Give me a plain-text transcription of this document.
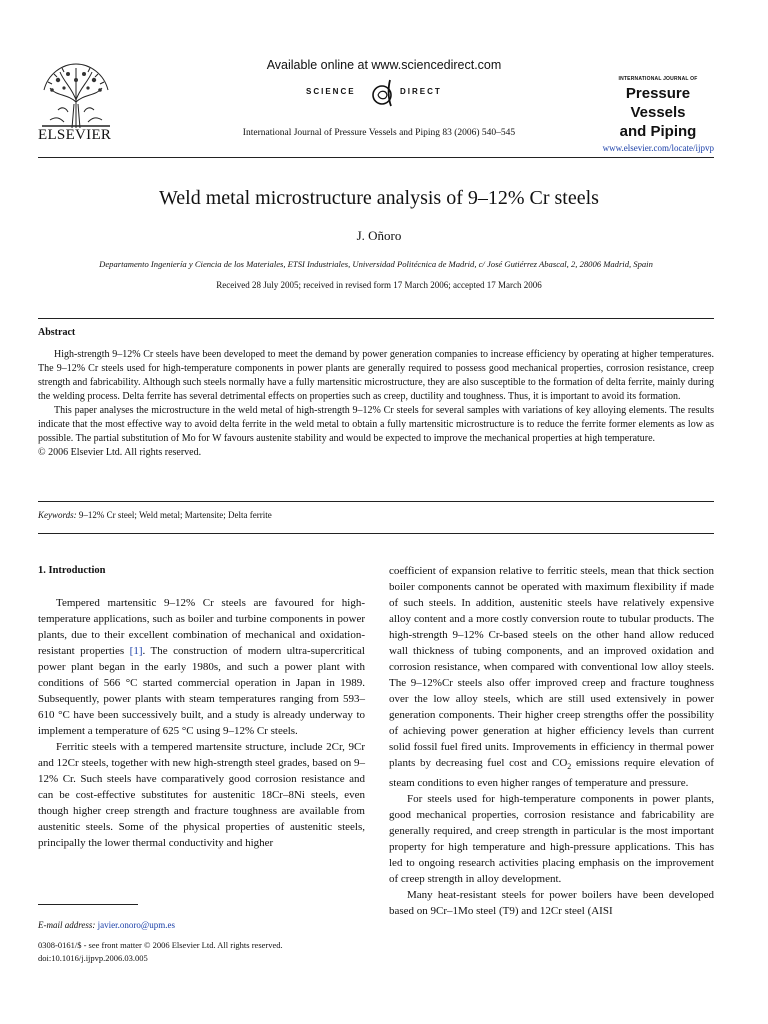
ELSEVIER
Available online at www.sciencedirect.com
SCIENCE	DIRECT
International Journal of Pressure Vessels and Piping 83 (2006) 540–545
INTERNATIONAL JOURNAL OF
Pressure Vessels
and Piping
www.elsevier.com/locate/ijpvp
Weld metal microstructure analysis of 9–12% Cr steels
J. Oñoro
Departamento Ingeniería y Ciencia de los Materiales, ETSI Industriales, Universidad Politécnica de Madrid, c/ José Gutiérrez Abascal, 2, 28006 Madrid, Spain
Received 28 July 2005; received in revised form 17 March 2006; accepted 17 March 2006
Abstract

High-strength 9–12% Cr steels have been developed to meet the demand by power generation companies to increase efficiency by operating at higher temperatures. The 9–12% Cr steels used for high-temperature components in power plants are generally required to possess good mechanical properties, corrosion resistance, creep strength and fabricability. Although such steels normally have a fully martensitic microstructure, they are also susceptible to the formation of delta ferrite, mainly during the welding process. Delta ferrite has several detrimental effects on properties such as creep, ductility and toughness. Thus, it is important to avoid its formation.

This paper analyses the microstructure in the weld metal of high-strength 9–12% Cr steels for several samples with variations of key alloying elements. The results indicate that the most effective way to avoid delta ferrite in the weld metal to obtain a fully martensitic microstructure is to reduce the ferrite former elements as low as possible. The partial substitution of Mo for W favours austenite stability and would be expected to improve the mechanical properties at high temperature.

© 2006 Elsevier Ltd. All rights reserved.

Keywords: 9–12% Cr steel; Weld metal; Martensite; Delta ferrite
1. Introduction

Tempered martensitic 9–12% Cr steels are favoured for high-temperature applications, such as boiler and turbine components in power plants, due to their excellent combination of mechanical and oxidation-resistant properties [1]. The construction of modern ultra-supercritical power plant began in the early 1980s, and such a power plant with conditions of 566 °C started commercial operation in Japan in 1989. Subsequently, power plants with steam temperatures ranging from 593–610 °C have been successively built, and a study is already underway to implement a temperature of 625 °C using 9–12% Cr steels.

Ferritic steels with a tempered martensite structure, include 2Cr, 9Cr and 12Cr steels, together with new high-strength steel grades, based on 9–12% Cr. Such steels have comparatively good corrosion resistance and can be cost-effective substitutes for austenitic 18Cr–8Ni steels, even though higher creep strength and fracture toughness are available from austenitic steels. Some of the physical properties of austenitic steels, principally the lower thermal conductivity and higher

coefficient of expansion relative to ferritic steels, mean that thick section boiler components cannot be operated with maximum flexibility if made of such steels. In addition, austenitic steels have relatively expensive alloy content and a more costly conversion route to tubular products. The high-strength 9–12% Cr-based steels on the other hand allow reduced wall thickness of tubing components, and an improved oxidation and corrosion resistance, when compared with conventional low alloy steels. The 9–12%Cr steels also offer improved creep and fracture toughness over the low alloy steels, which are still used extensively in power generation components. Their higher creep strengths offer the possibility of achieving power generation at higher efficiency levels than current solid fossil fuel fired units. Improvements in efficiency in thermal power plants by decreasing fuel cost and $CO_2$ emissions require elevation of steam conditions to even higher ranges of temperature and pressure.

For steels used for high-temperature components in power plants, good mechanical properties, corrosion resistance and fabricability are generally required, and creep strength in particular is the most important property for high temperature and high-pressure applications. This has led to ongoing research activities placing emphasis on the improvement of creep strength in alloy development.

Many heat-resistant steels for power boilers have been developed based on 9Cr–1Mo steel (T9) and 12Cr steel (AISI

E-mail address: javier.onoro@upm.es
0308-0161/$ - see front matter © 2006 Elsevier Ltd. All rights reserved.
doi:10.1016/j.ijpvp.2006.03.005
